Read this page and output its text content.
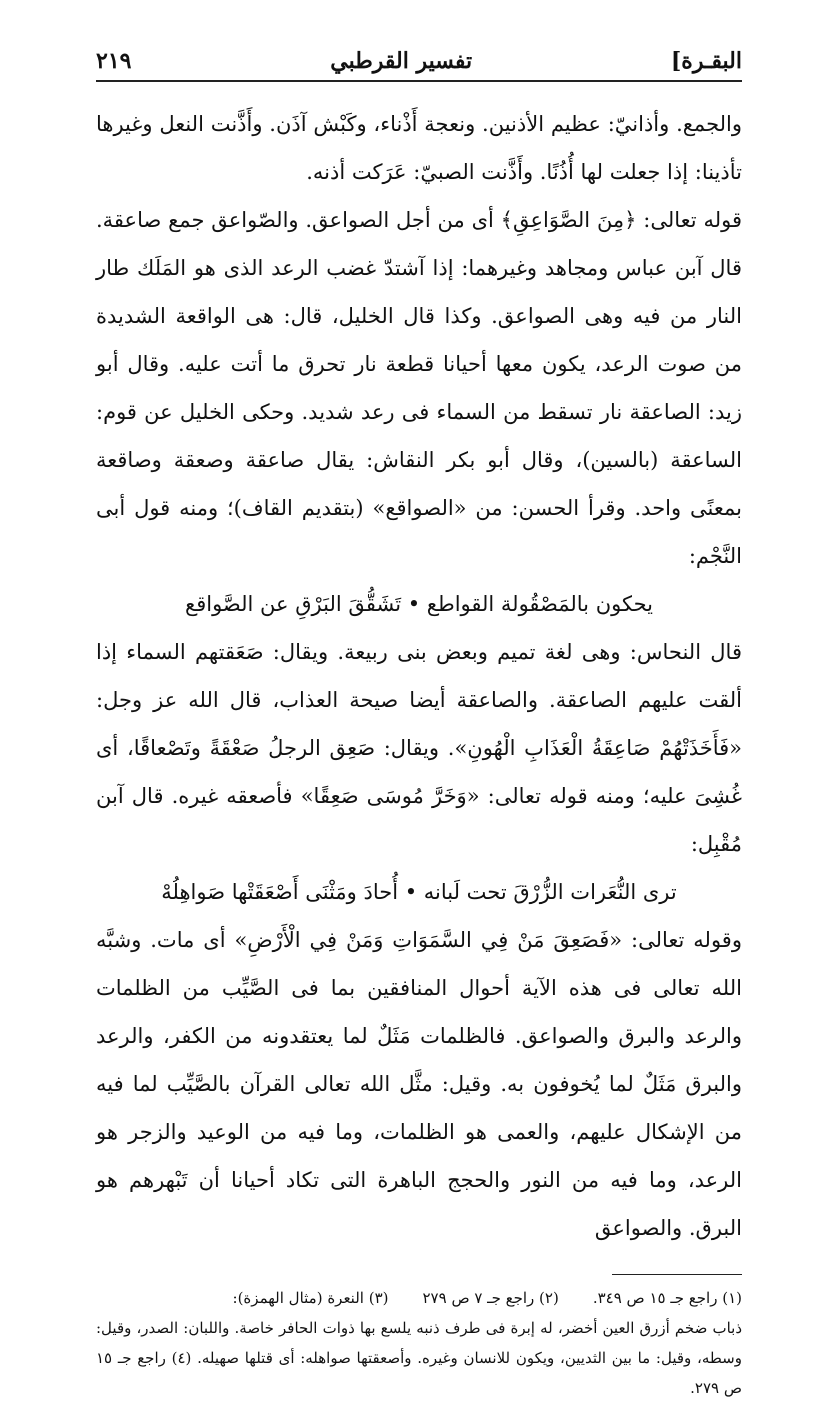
البقـرة]
تفسير القرطبي
٢١٩

والجمع. وأذانيّ: عظيم الأذنين. ونعجة أَذْناء، وكَبْش آذَن. وأَذَّنت النعل وغيرها تأذينا: إذا جعلت لها أُذُنًا. وأَذَّنت الصبيّ: عَرَكت أذنه.

قوله تعالى: ﴿مِنَ الصَّوَاعِقِ﴾ أى من أجل الصواعق. والصّواعق جمع صاعقة. قال آبن عباس ومجاهد وغيرهما: إذا آشتدّ غضب الرعد الذى هو المَلَك طار النار من فيه وهى الصواعق. وكذا قال الخليل، قال: هى الواقعة الشديدة من صوت الرعد، يكون معها أحيانا قطعة نار تحرق ما أتت عليه. وقال أبو زيد: الصاعقة نار تسقط من السماء فى رعد شديد. وحكى الخليل عن قوم: الساعقة (بالسين)، وقال أبو بكر النقاش: يقال صاعقة وصعقة وصاقعة بمعنًى واحد. وقرأ الحسن: من «الصواقع» (بتقديم القاف)؛ ومنه قول أبى النَّجْم:

يحكون بالمَصْقُولة القواطع • تَشَقُّقَ البَرْقِ عن الصَّواقع

قال النحاس: وهى لغة تميم وبعض بنى ربيعة. ويقال: صَعَقتهم السماء إذا ألقت عليهم الصاعقة. والصاعقة أيضا صيحة العذاب، قال الله عز وجل: «فَأَخَذَتْهُمْ صَاعِقَةُ الْعَذَابِ الْهُونِ». ويقال: صَعِق الرجلُ صَعْقَةً وتَصْعاقًا، أى غُشِىَ عليه؛ ومنه قوله تعالى: «وَخَرَّ مُوسَى صَعِقًا» فأصعقه غيره. قال آبن مُقْبِل:

ترى النُّعَرات الزُّرْقَ تحت لَبانه • أُحادَ ومَثْنَى أَصْعَقَتْها صَواهِلُهْ

وقوله تعالى: «فَصَعِقَ مَنْ فِي السَّمَوَاتِ وَمَنْ فِي الْأَرْضِ» أى مات. وشبَّه الله تعالى فى هذه الآية أحوال المنافقين بما فى الصَّيِّب من الظلمات والرعد والبرق والصواعق. فالظلمات مَثَلٌ لما يعتقدونه من الكفر، والرعد والبرق مَثَلٌ لما يُخوفون به. وقيل: مثَّل الله تعالى القرآن بالصَّيِّب لما فيه من الإشكال عليهم، والعمى هو الظلمات، وما فيه من الوعيد والزجر هو الرعد، وما فيه من النور والحجج الباهرة التى تكاد أحيانا أن تَبْهرهم هو البرق. والصواعق

(١) راجع جـ ١٥ ص ٣٤٩.
(٢) راجع جـ ٧ ص ٢٧٩
(٣) النعرة (مثال الهمزة):
ذباب ضخم أزرق العين أخضر، له إبرة فى طرف ذنبه يلسع بها ذوات الحافر خاصة. واللبان: الصدر، وقيل: وسطه، وقيل: ما بين الثديين، ويكون للانسان وغيره. وأصعقتها صواهله: أى قتلها صهيله. (٤) راجع جـ ١٥ ص ٢٧٩.
